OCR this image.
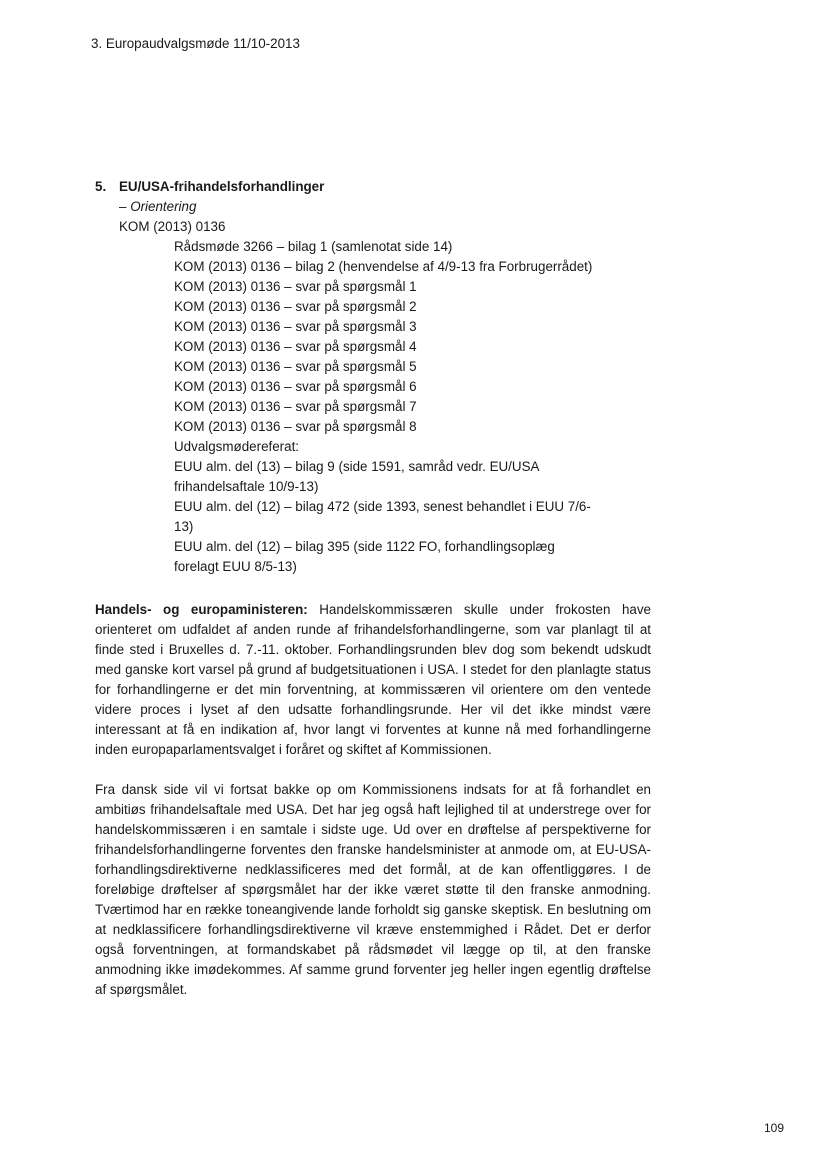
3. Europaudvalgsmøde 11/10-2013
5. EU/USA-frihandelsforhandlinger
– Orientering
KOM (2013) 0136
Rådsmøde 3266 – bilag 1 (samlenotat side 14)
KOM (2013) 0136 – bilag 2 (henvendelse af 4/9-13 fra Forbrugerrådet)
KOM (2013) 0136 – svar på spørgsmål 1
KOM (2013) 0136 – svar på spørgsmål 2
KOM (2013) 0136 – svar på spørgsmål 3
KOM (2013) 0136 – svar på spørgsmål 4
KOM (2013) 0136 – svar på spørgsmål 5
KOM (2013) 0136 – svar på spørgsmål 6
KOM (2013) 0136 – svar på spørgsmål 7
KOM (2013) 0136 – svar på spørgsmål 8
Udvalgsmødereferat:
EUU alm. del (13) – bilag 9 (side 1591, samråd vedr. EU/USA frihandelsaftale 10/9-13)
EUU alm. del (12) – bilag 472 (side 1393, senest behandlet i EUU 7/6-13)
EUU alm. del (12) – bilag 395 (side 1122 FO, forhandlingsoplæg forelagt EUU 8/5-13)

Handels- og europaministeren: Handelskommissæren skulle under frokosten have orienteret om udfaldet af anden runde af frihandelsforhandlingerne, som var planlagt til at finde sted i Bruxelles d. 7.-11. oktober. Forhandlingsrunden blev dog som bekendt udskudt med ganske kort varsel på grund af budgetsituationen i USA. I stedet for den planlagte status for forhandlingerne er det min forventning, at kommissæren vil orientere om den ventede videre proces i lyset af den udsatte forhandlingsrunde. Her vil det ikke mindst være interessant at få en indikation af, hvor langt vi forventes at kunne nå med forhandlingerne inden europaparlamentsvalget i foråret og skiftet af Kommissionen.

Fra dansk side vil vi fortsat bakke op om Kommissionens indsats for at få forhandlet en ambitiøs frihandelsaftale med USA. Det har jeg også haft lejlighed til at understrege over for handelskommissæren i en samtale i sidste uge. Ud over en drøftelse af perspektiverne for frihandelsforhandlingerne forventes den franske handelsminister at anmode om, at EU-USA-forhandlingsdirektiverne nedklassificeres med det formål, at de kan offentliggøres. I de foreløbige drøftelser af spørgsmålet har der ikke været støtte til den franske anmodning. Tværtimod har en række toneangivende lande forholdt sig ganske skeptisk. En beslutning om at nedklassificere forhandlingsdirektiverne vil kræve enstemmighed i Rådet. Det er derfor også forventningen, at formandskabet på rådsmødet vil lægge op til, at den franske anmodning ikke imødekommes. Af samme grund forventer jeg heller ingen egentlig drøftelse af spørgsmålet.

109
